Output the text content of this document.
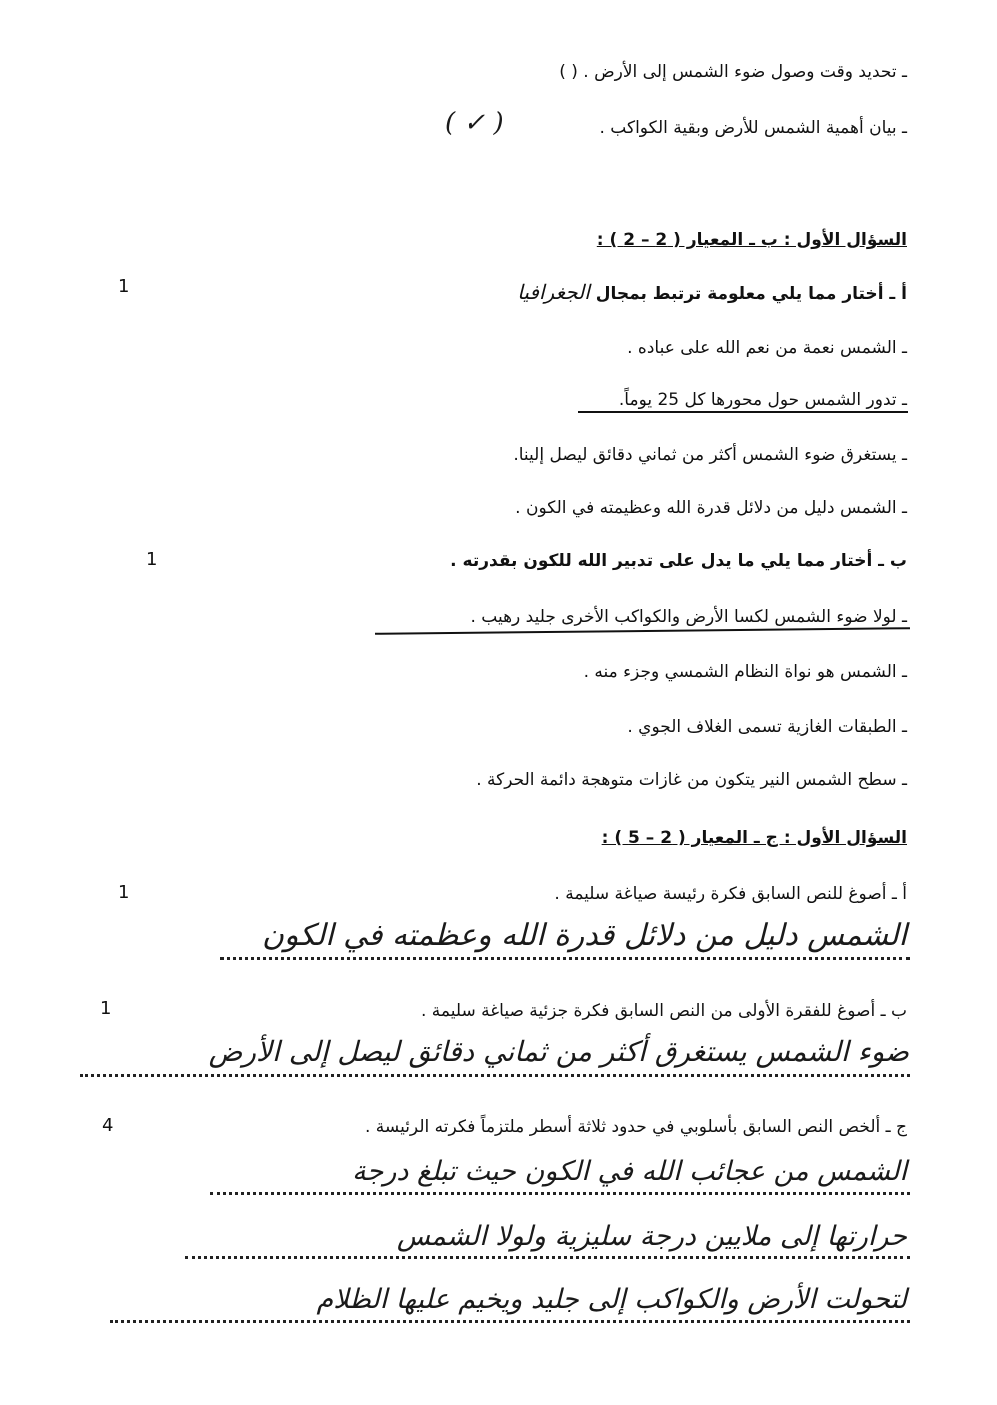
ـ تحديد وقت وصول ضوء الشمس إلى الأرض . ( )
ـ بيان أهمية الشمس للأرض وبقية الكواكب .
( ✓ )
السؤال الأول : ب ـ المعيار ( 2 – 2 ) :
أ ـ أختار مما يلي معلومة ترتبط بمجال الجغرافيا
1
ـ الشمس نعمة من نعم الله على عباده .
ـ تدور الشمس حول محورها كل 25 يوماً.
ـ يستغرق ضوء الشمس أكثر من ثماني دقائق ليصل إلينا.
ـ الشمس دليل من دلائل قدرة الله وعظيمته في الكون .
ب ـ أختار مما يلي ما يدل على تدبير الله للكون بقدرته .
1
ـ لولا ضوء الشمس لكسا الأرض والكواكب الأخرى جليد رهيب .
ـ الشمس هو نواة النظام الشمسي وجزء منه .
ـ الطبقات الغازية تسمى الغلاف الجوي .
ـ سطح الشمس النير يتكون من غازات متوهجة دائمة الحركة .
السؤال الأول : ج ـ المعيار ( 2 – 5 ) :
أ ـ أصوغ للنص السابق فكرة رئيسة صياغة سليمة .
1
الشمس دليل من دلائل قدرة الله وعظمته في الكون
ب ـ أصوغ للفقرة الأولى من النص السابق فكرة جزئية صياغة سليمة .
1
ضوء الشمس يستغرق أكثر من ثماني دقائق ليصل إلى الأرض
ج ـ ألخص النص السابق بأسلوبي في حدود ثلاثة أسطر ملتزماً فكرته الرئيسة .
4
الشمس من عجائب الله في الكون حيث تبلغ درجة
حرارتها إلى ملايين درجة سليزية ولولا الشمس
لتحولت الأرض والكواكب إلى جليد ويخيم عليها الظلام
